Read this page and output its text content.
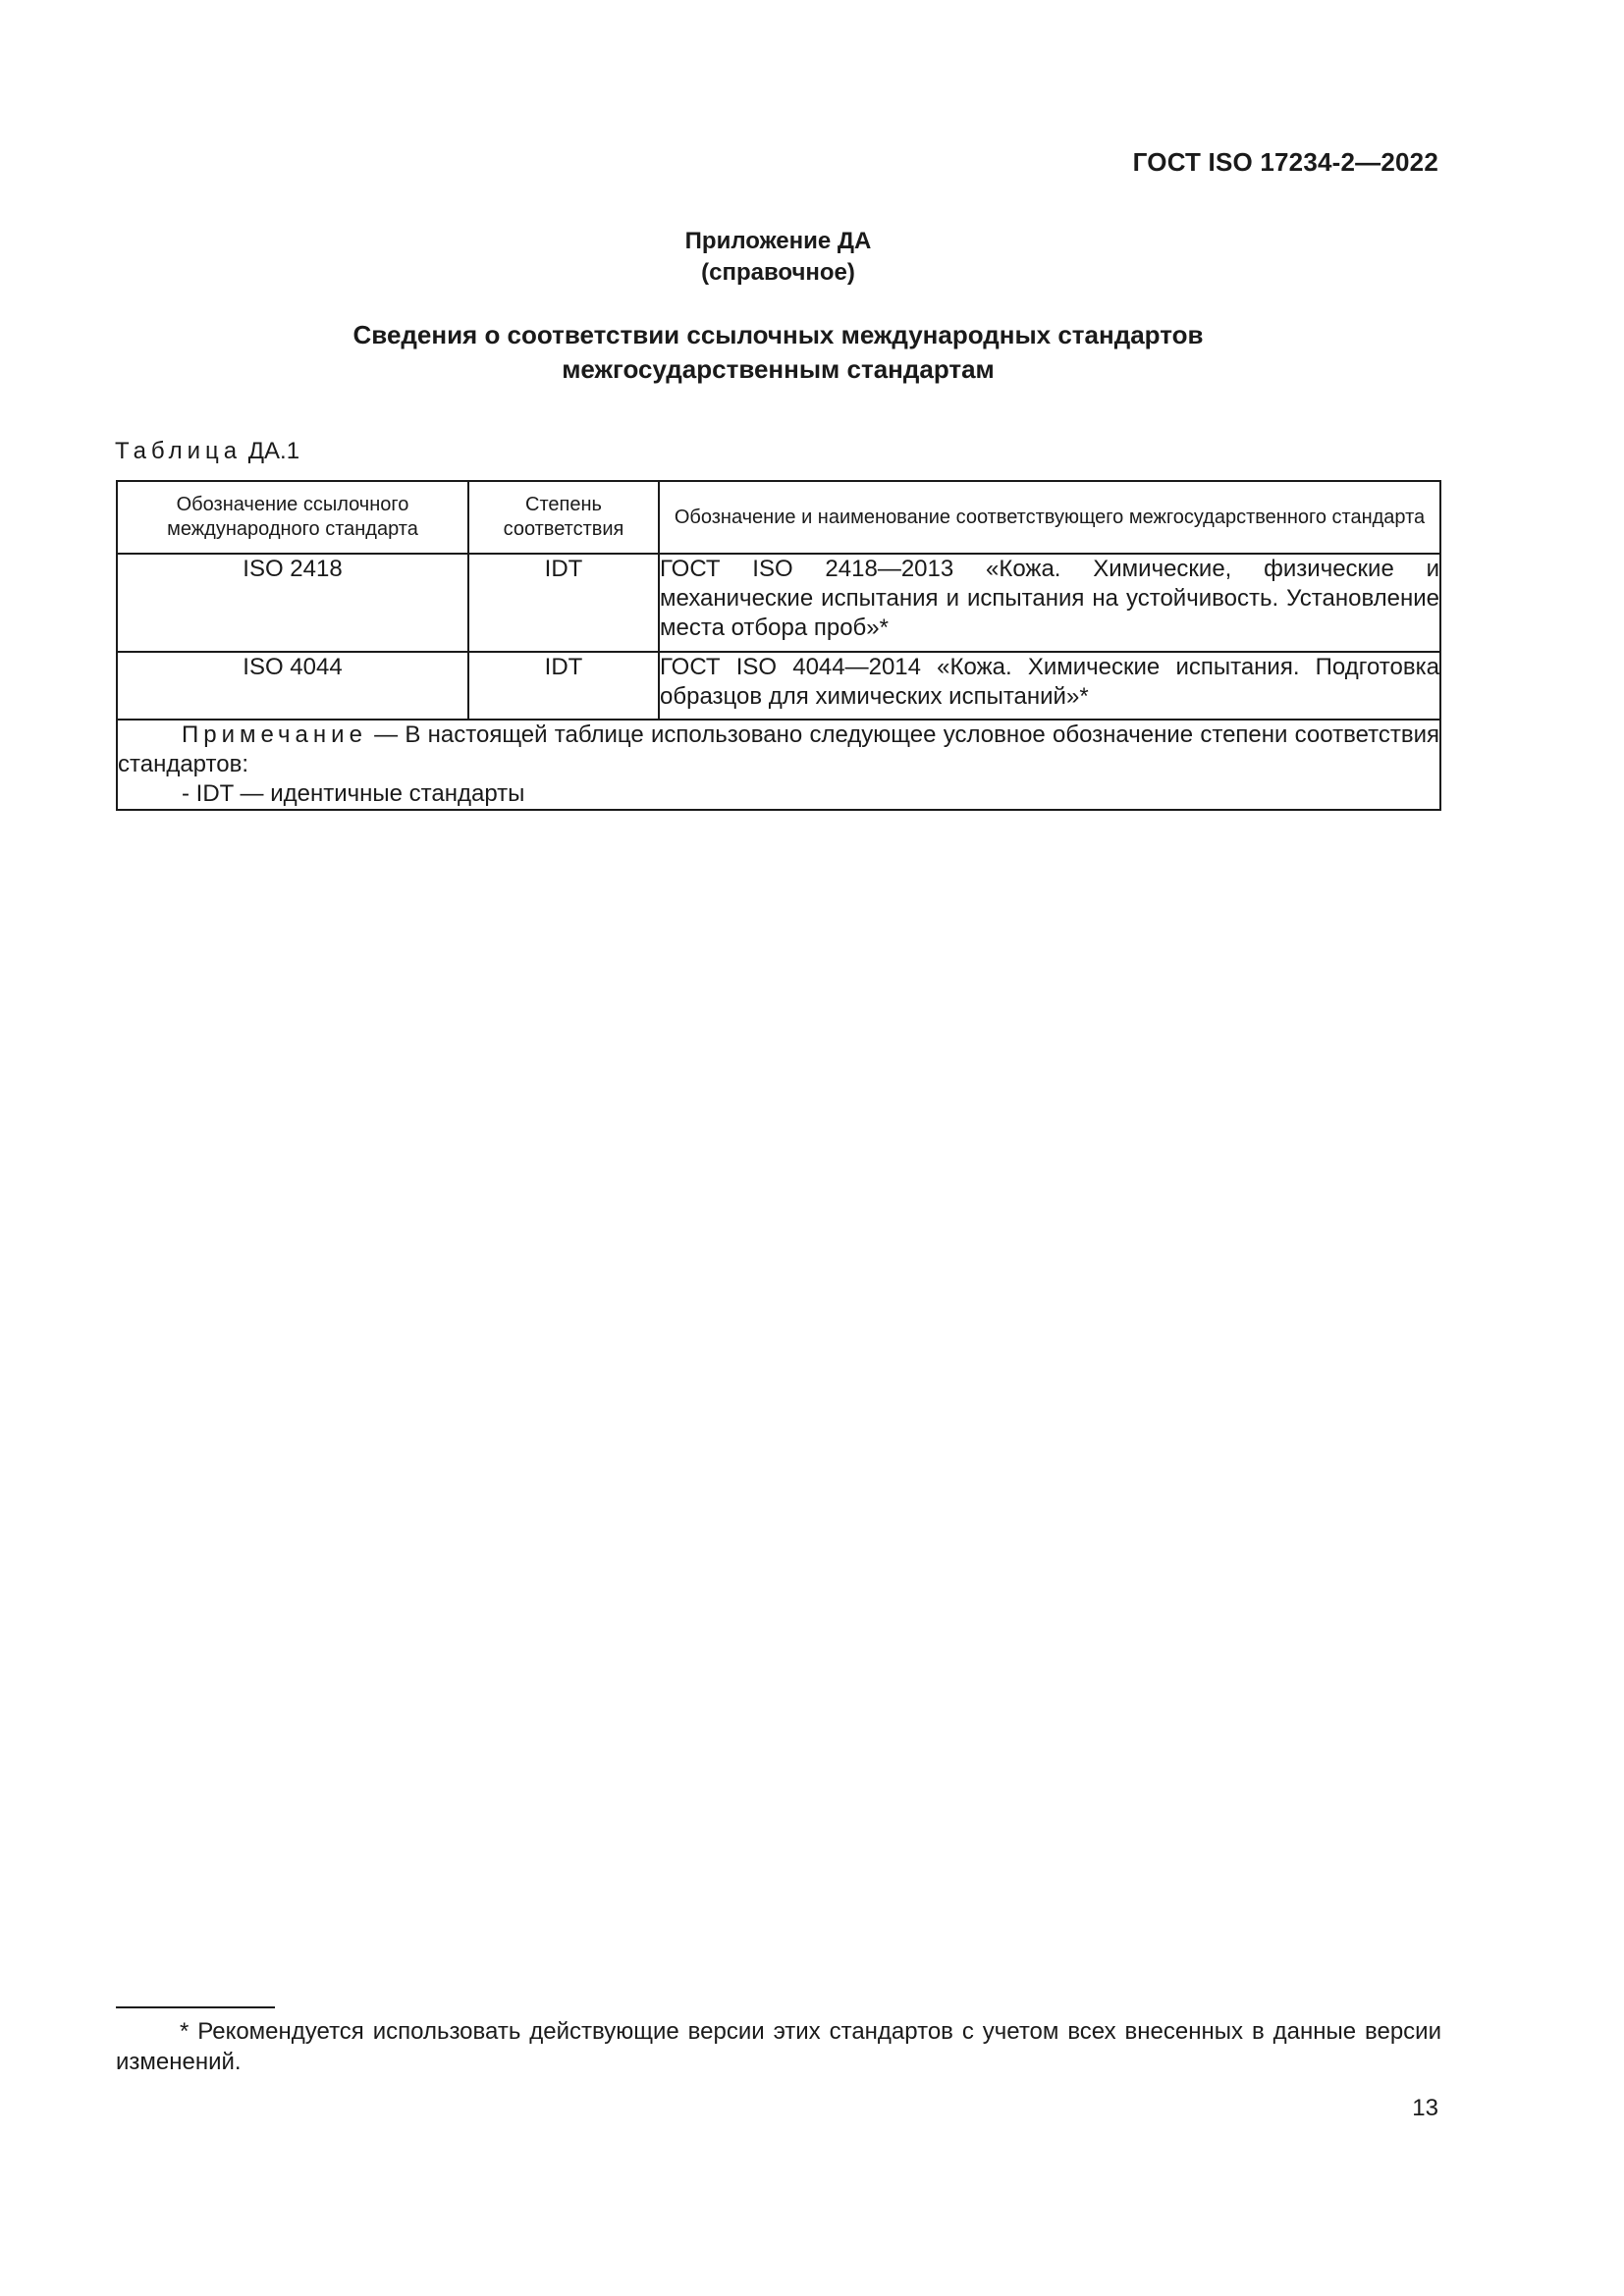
ГОСТ ISO 17234-2—2022
Приложение ДА
(справочное)
Сведения о соответствии ссылочных международных стандартов
межгосударственным стандартам
Таблица ДА.1
Обозначение ссылочного международного стандарта	Степень соответствия	Обозначение и наименование соответствующего межгосударственного стандарта
ISO 2418	IDT	ГОСТ ISO 2418—2013 «Кожа. Химические, физические и механические испытания и испытания на устойчивость. Установление места отбора проб»*
ISO 4044	IDT	ГОСТ ISO 4044—2014 «Кожа. Химические испытания. Подготовка образцов для химических испытаний»*

Примечание — В настоящей таблице использовано следующее условное обозначение степени соответствия стандартов:
- IDT — идентичные стандарты		
* Рекомендуется использовать действующие версии этих стандартов с учетом всех внесенных в данные версии изменений.
13
